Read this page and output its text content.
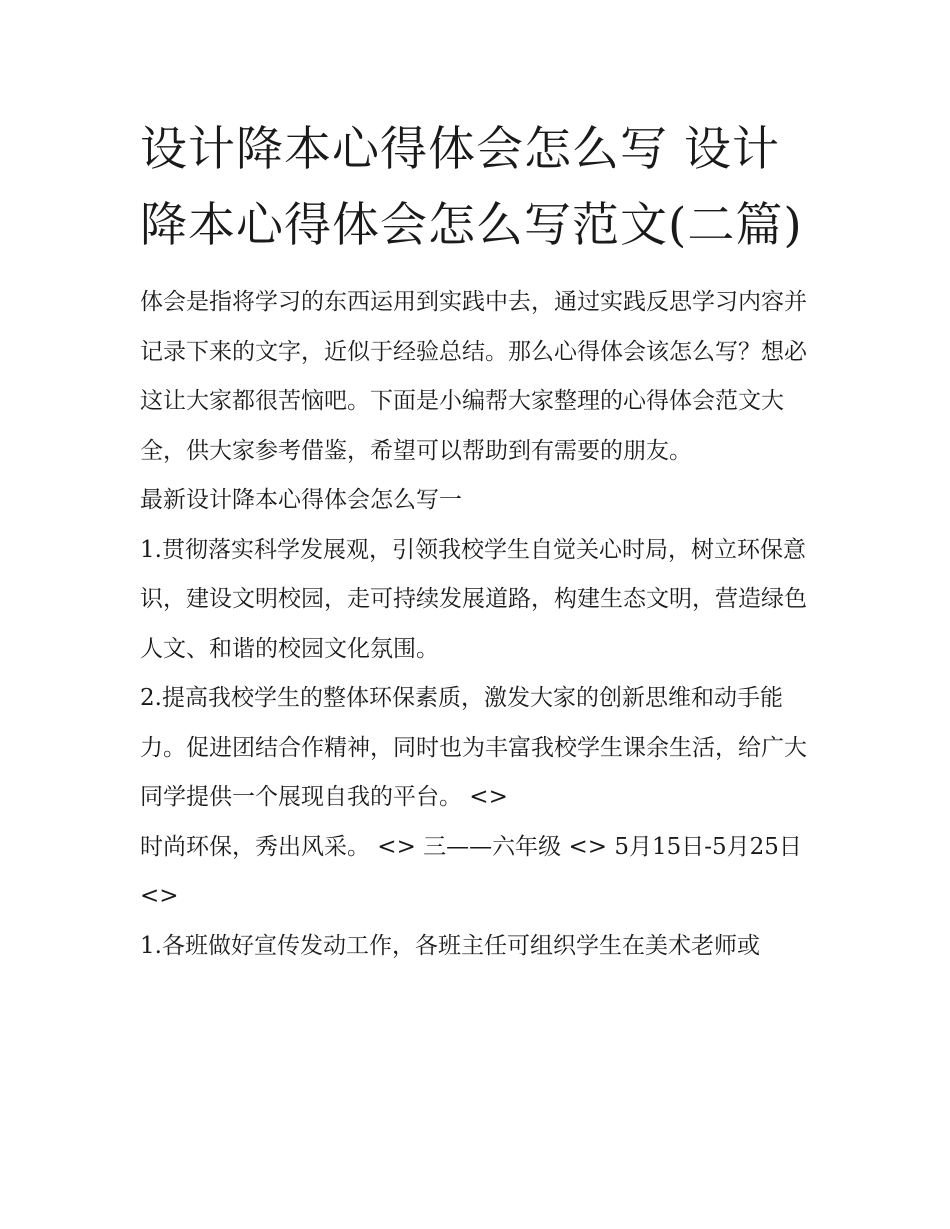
设计降本心得体会怎么写 设计降本心得体会怎么写范文(二篇)

体会是指将学习的东西运用到实践中去，通过实践反思学习内容并记录下来的文字，近似于经验总结。那么心得体会该怎么写？想必这让大家都很苦恼吧。下面是小编帮大家整理的心得体会范文大全，供大家参考借鉴，希望可以帮助到有需要的朋友。

最新设计降本心得体会怎么写一

1.贯彻落实科学发展观，引领我校学生自觉关心时局，树立环保意识，建设文明校园，走可持续发展道路，构建生态文明，营造绿色人文、和谐的校园文化氛围。

2.提高我校学生的整体环保素质，激发大家的创新思维和动手能力。促进团结合作精神，同时也为丰富我校学生课余生活，给广大同学提供一个展现自我的平台。 <>

时尚环保，秀出风采。 <> 三——六年级 <> 5月15日-5月25日 <>

1.各班做好宣传发动工作，各班主任可组织学生在美术老师或
